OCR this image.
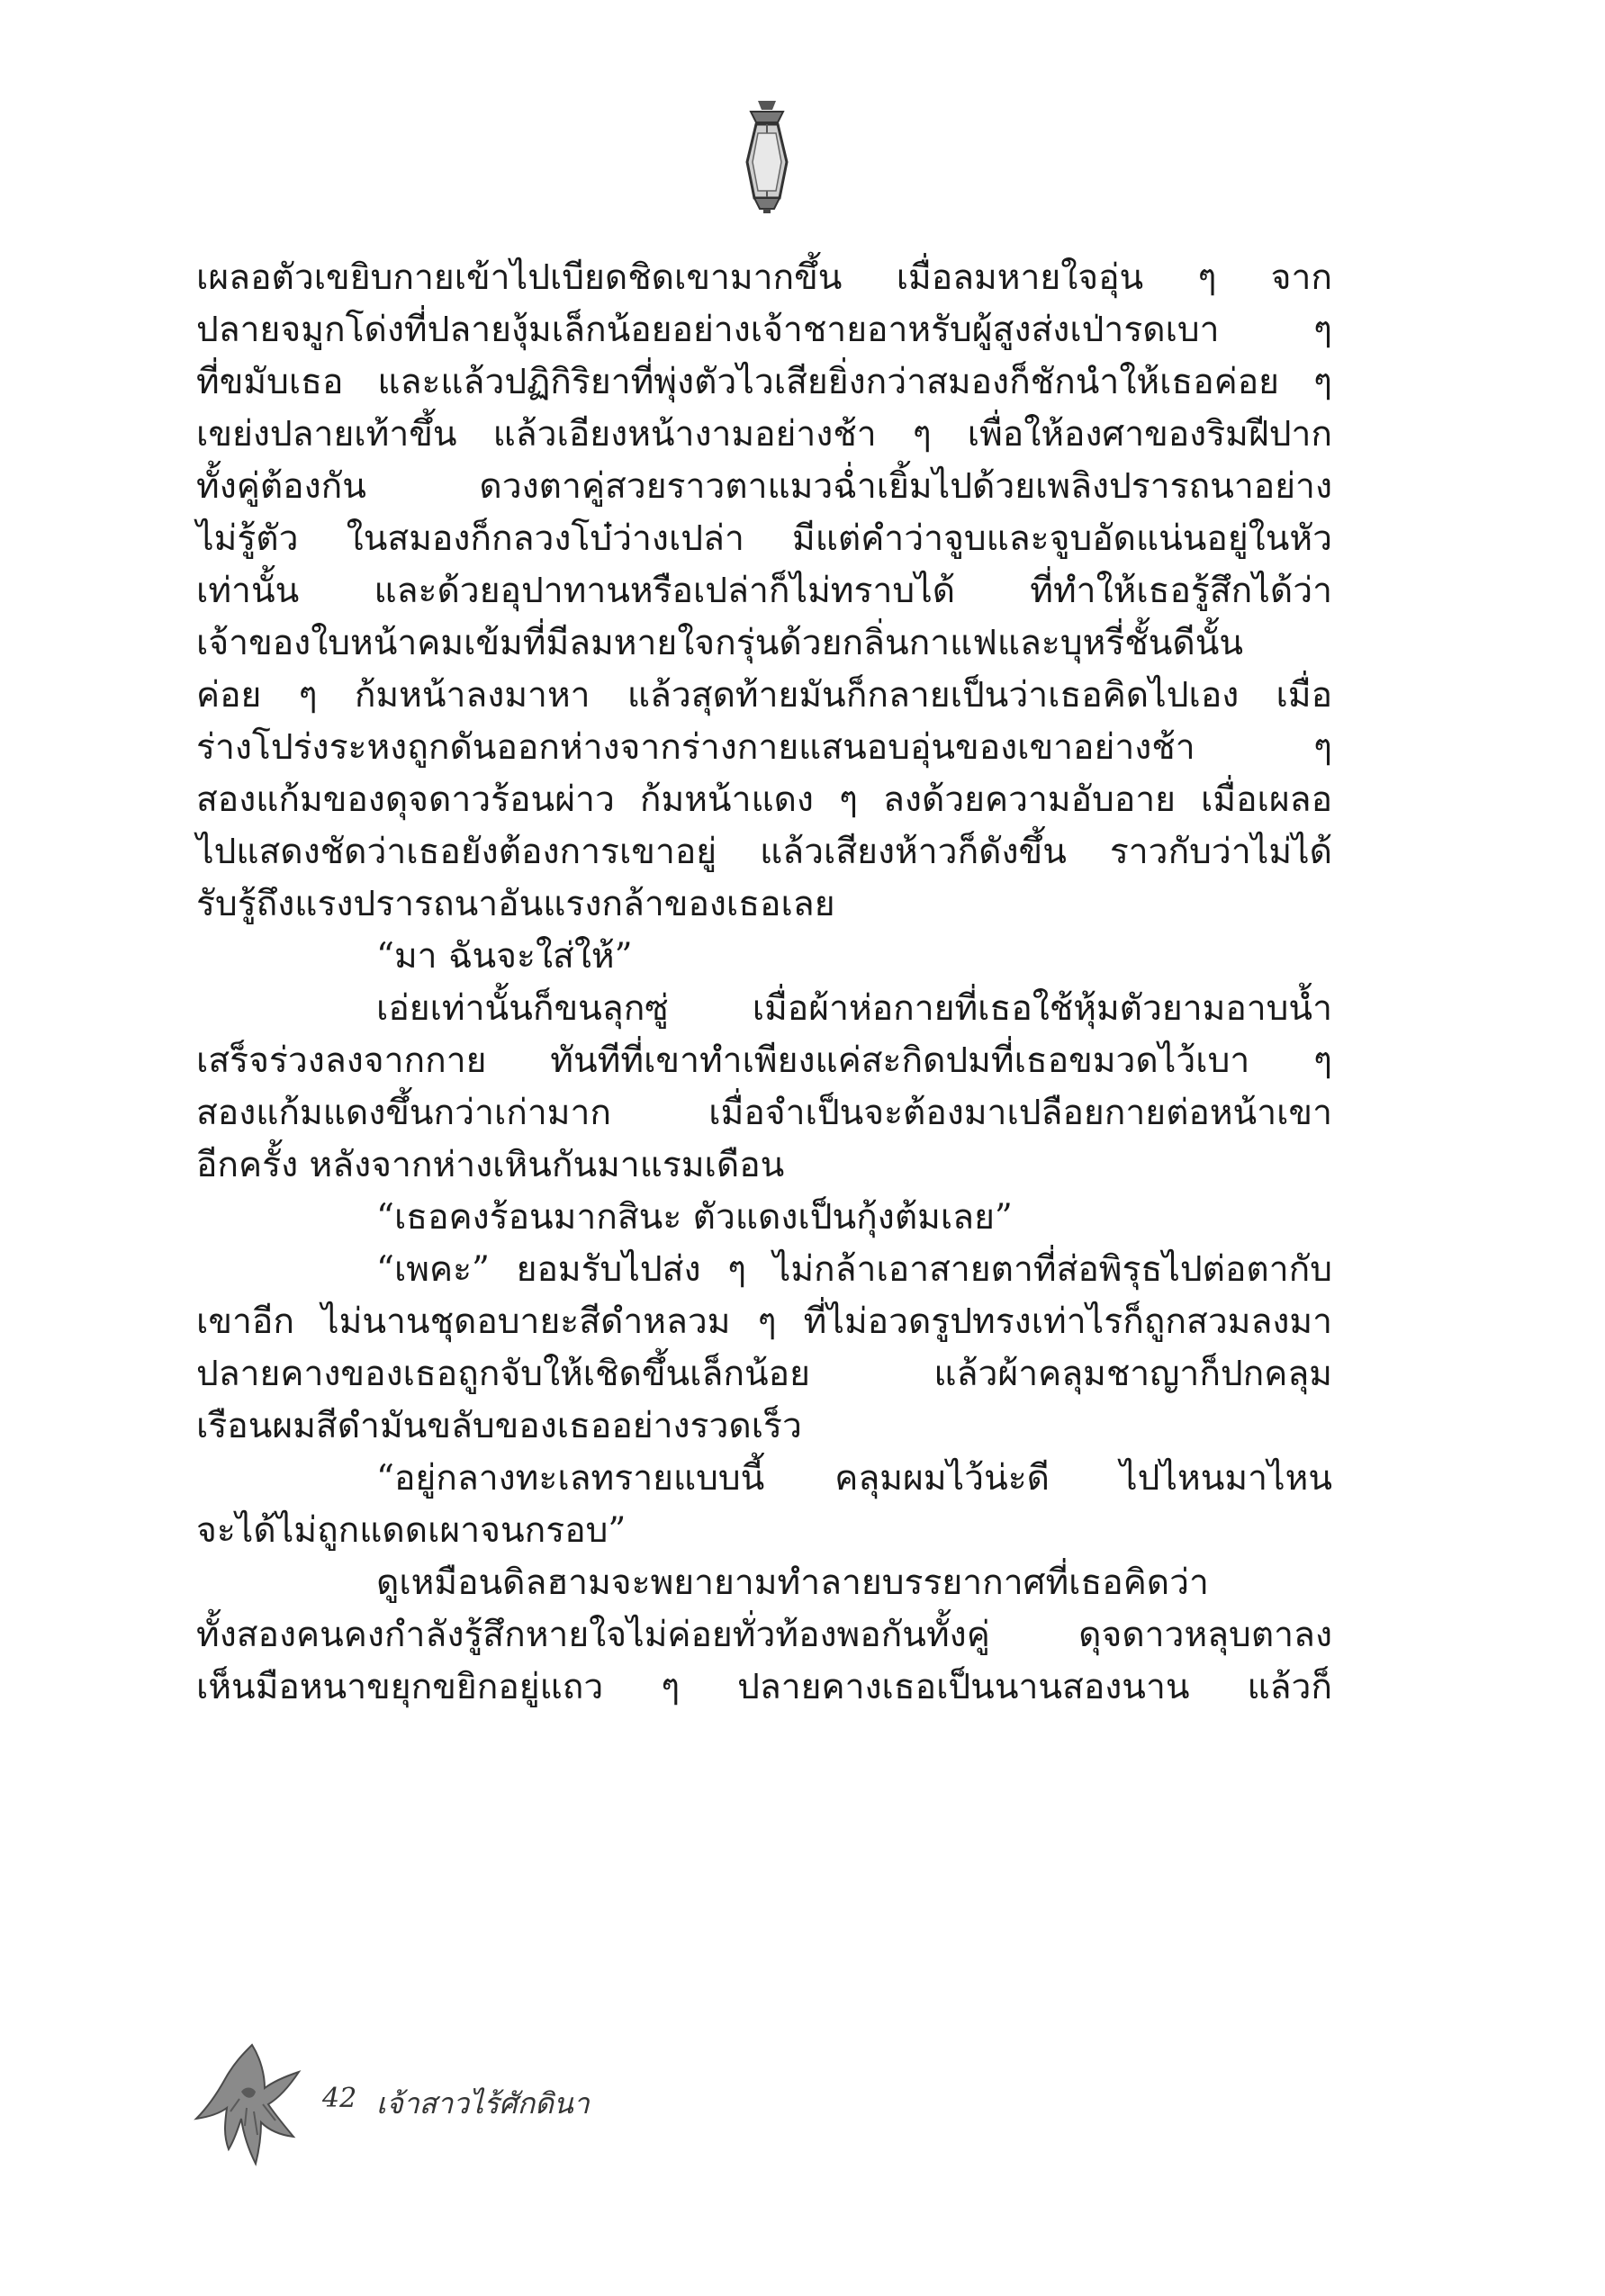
เผลอตัวเขยิบกายเข้าไปเบียดชิดเขามากขึ้น เมื่อลมหายใจอุ่น ๆ จาก
ปลายจมูกโด่งที่ปลายงุ้มเล็กน้อยอย่างเจ้าชายอาหรับผู้สูงส่งเป่ารดเบา ๆ
ที่ขมับเธอ และแล้วปฏิกิริยาที่พุ่งตัวไวเสียยิ่งกว่าสมองก็ชักนำให้เธอค่อย ๆ
เขย่งปลายเท้าขึ้น แล้วเอียงหน้างามอย่างช้า ๆ เพื่อให้องศาของริมฝีปาก
ทั้งคู่ต้องกัน ดวงตาคู่สวยราวตาแมวฉ่ำเยิ้มไปด้วยเพลิงปรารถนาอย่าง
ไม่รู้ตัว ในสมองก็กลวงโบ๋ว่างเปล่า มีแต่คำว่าจูบและจูบอัดแน่นอยู่ในหัว
เท่านั้น และด้วยอุปาทานหรือเปล่าก็ไม่ทราบได้ ที่ทำให้เธอรู้สึกได้ว่า
เจ้าของใบหน้าคมเข้มที่มีลมหายใจกรุ่นด้วยกลิ่นกาแฟและบุหรี่ชั้นดีนั้น
ค่อย ๆ ก้มหน้าลงมาหา แล้วสุดท้ายมันก็กลายเป็นว่าเธอคิดไปเอง เมื่อ
ร่างโปร่งระหงถูกดันออกห่างจากร่างกายแสนอบอุ่นของเขาอย่างช้า ๆ
สองแก้มของดุจดาวร้อนผ่าว ก้มหน้าแดง ๆ ลงด้วยความอับอาย เมื่อเผลอ
ไปแสดงชัดว่าเธอยังต้องการเขาอยู่ แล้วเสียงห้าวก็ดังขึ้น ราวกับว่าไม่ได้
รับรู้ถึงแรงปรารถนาอันแรงกล้าของเธอเลย
“มา ฉันจะใส่ให้”
เอ่ยเท่านั้นก็ขนลุกซู่ เมื่อผ้าห่อกายที่เธอใช้หุ้มตัวยามอาบน้ำ
เสร็จร่วงลงจากกาย ทันทีที่เขาทำเพียงแค่สะกิดปมที่เธอขมวดไว้เบา ๆ
สองแก้มแดงขึ้นกว่าเก่ามาก เมื่อจำเป็นจะต้องมาเปลือยกายต่อหน้าเขา
อีกครั้ง หลังจากห่างเหินกันมาแรมเดือน
“เธอคงร้อนมากสินะ ตัวแดงเป็นกุ้งต้มเลย”
“เพคะ” ยอมรับไปส่ง ๆ ไม่กล้าเอาสายตาที่ส่อพิรุธไปต่อตากับ
เขาอีก ไม่นานชุดอบายะสีดำหลวม ๆ ที่ไม่อวดรูปทรงเท่าไรก็ถูกสวมลงมา
ปลายคางของเธอถูกจับให้เชิดขึ้นเล็กน้อย แล้วผ้าคลุมชาญาก็ปกคลุม
เรือนผมสีดำมันขลับของเธออย่างรวดเร็ว
“อยู่กลางทะเลทรายแบบนี้ คลุมผมไว้น่ะดี ไปไหนมาไหน
จะได้ไม่ถูกแดดเผาจนกรอบ”
ดูเหมือนดิลฮามจะพยายามทำลายบรรยากาศที่เธอคิดว่า
ทั้งสองคนคงกำลังรู้สึกหายใจไม่ค่อยทั่วท้องพอกันทั้งคู่ ดุจดาวหลุบตาลง
เห็นมือหนาขยุกขยิกอยู่แถว ๆ ปลายคางเธอเป็นนานสองนาน แล้วก็
42 เจ้าสาวไร้ศักดินา
